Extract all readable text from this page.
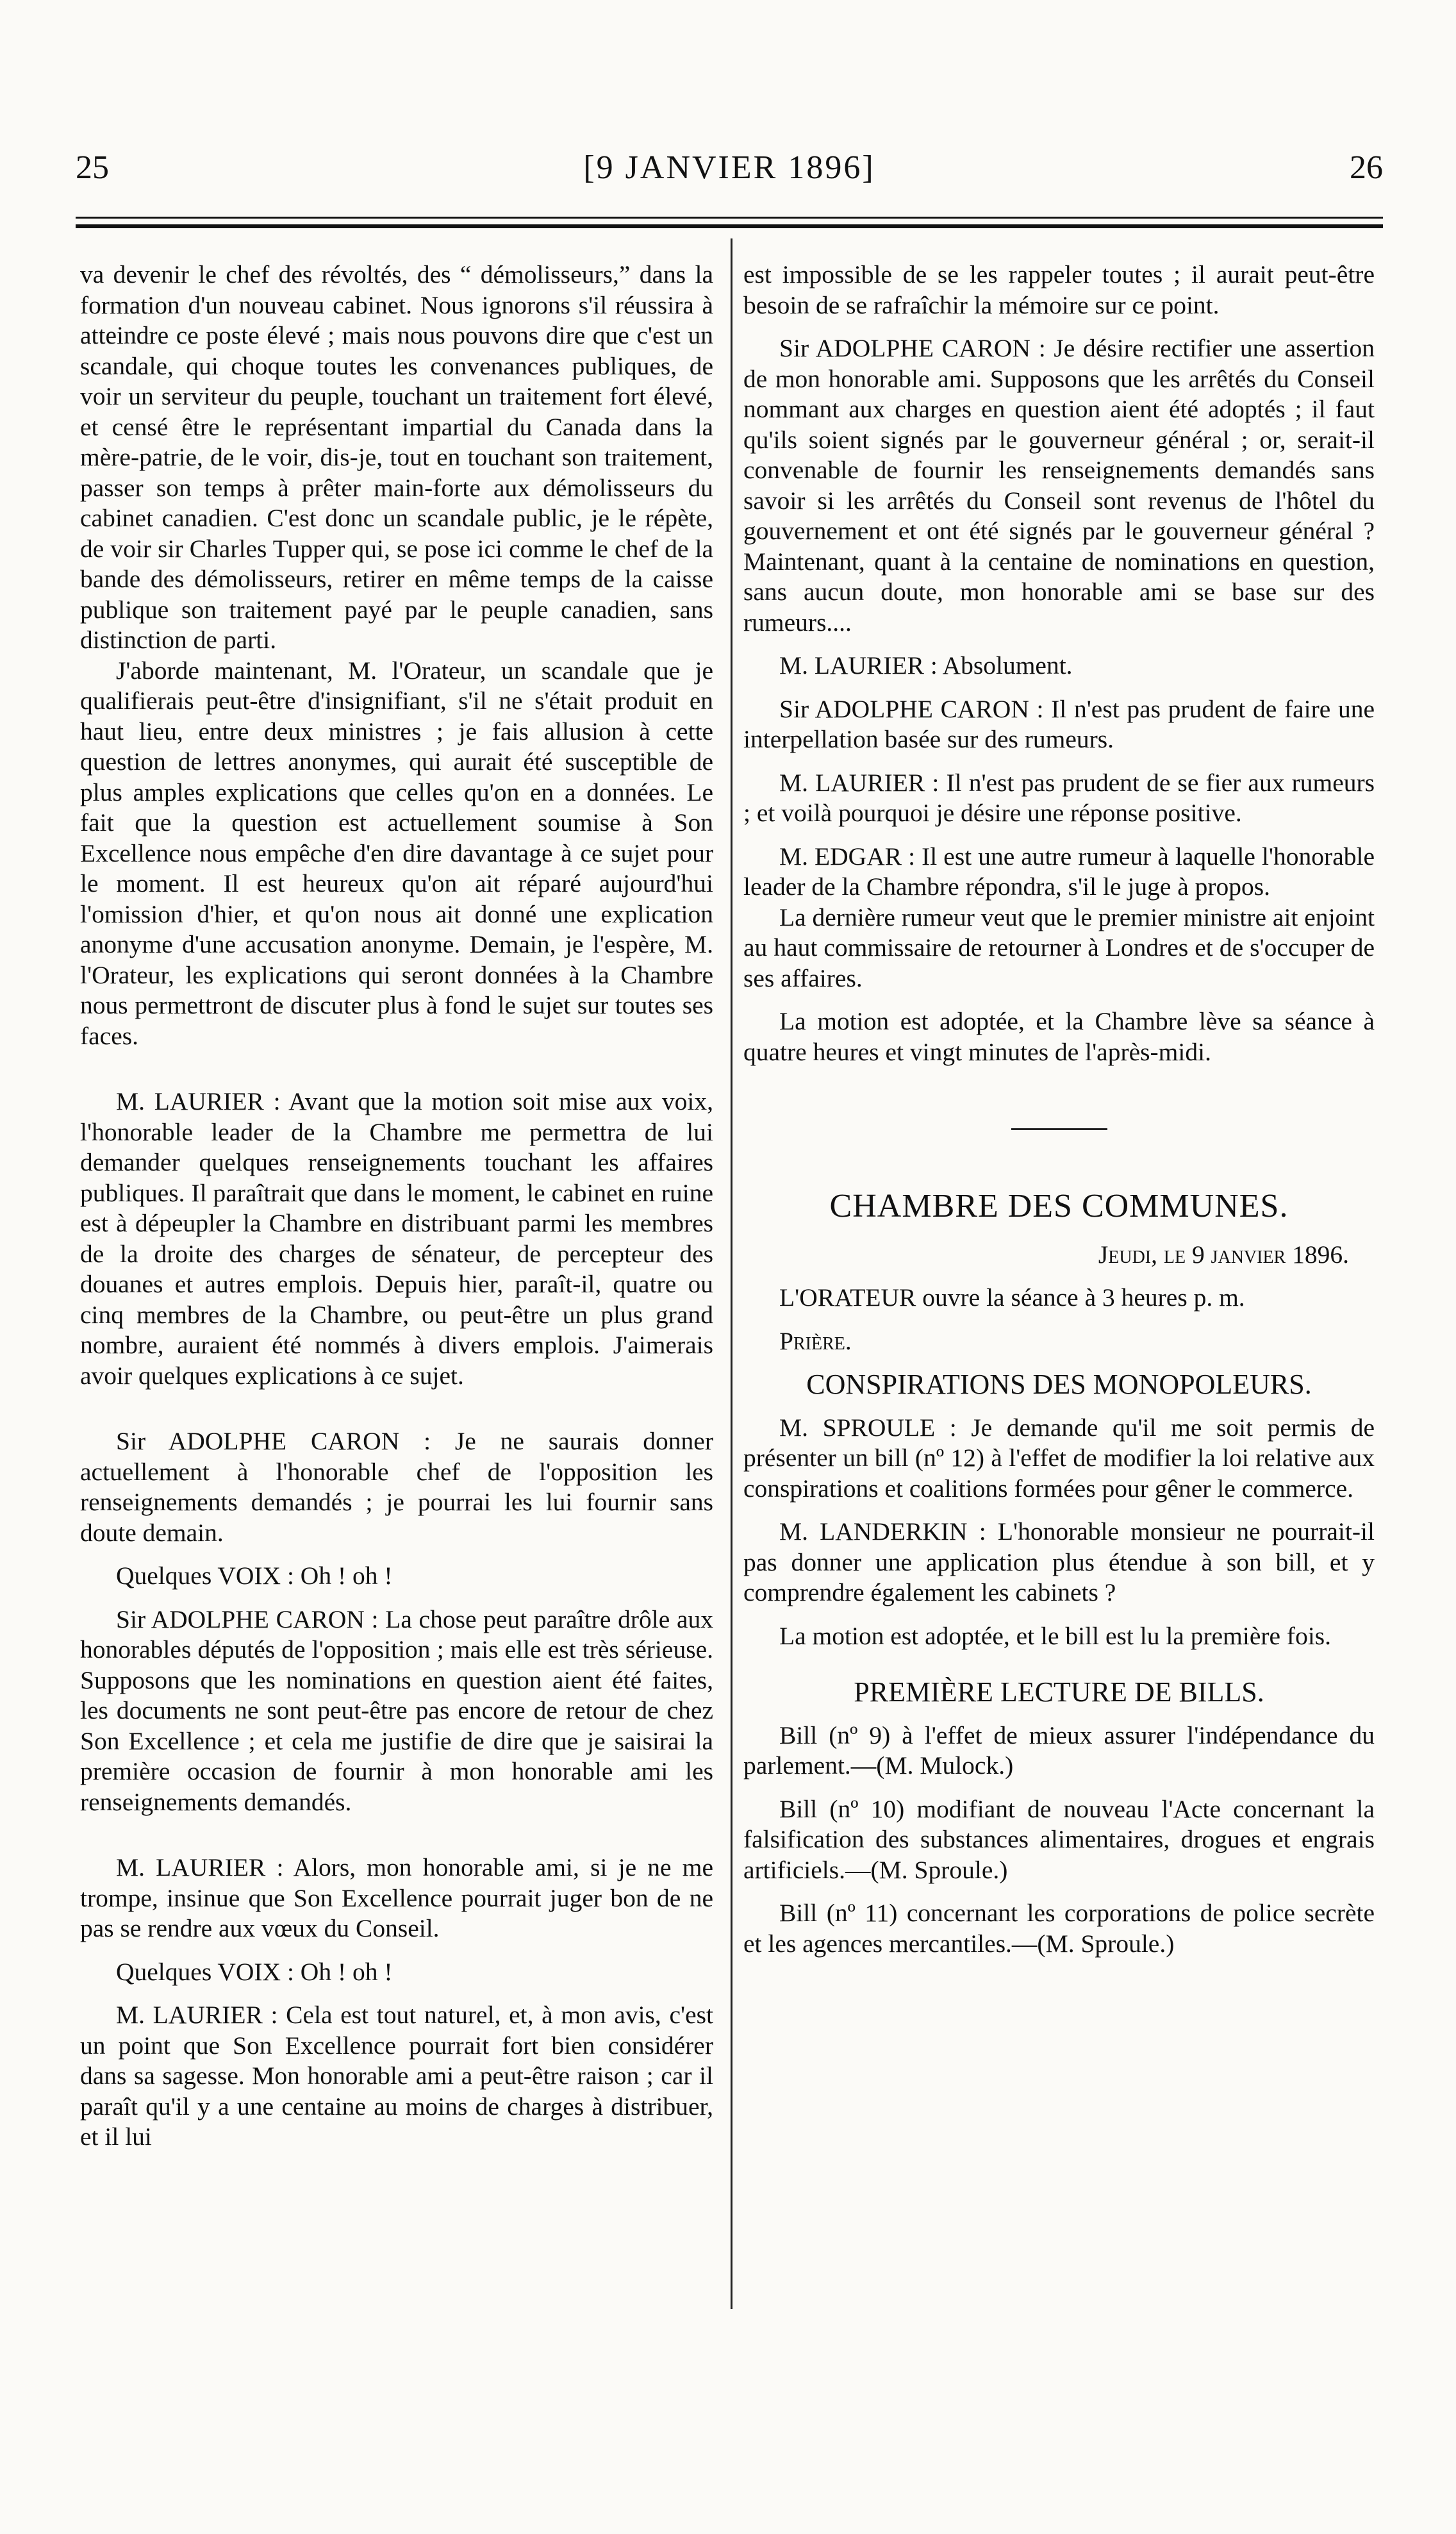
25	[9 JANVIER 1896]	26

va devenir le chef des révoltés, des “ démolisseurs,” dans la formation d'un nouveau cabinet. Nous ignorons s'il réussira à atteindre ce poste élevé ; mais nous pouvons dire que c'est un scandale, qui choque toutes les convenances publiques, de voir un serviteur du peuple, touchant un traitement fort élevé, et censé être le représentant impartial du Canada dans la mère-patrie, de le voir, dis-je, tout en touchant son traitement, passer son temps à prêter main-forte aux démolisseurs du cabinet canadien. C'est donc un scandale public, je le répète, de voir sir Charles Tupper qui, se pose ici comme le chef de la bande des démolisseurs, retirer en même temps de la caisse publique son traitement payé par le peuple canadien, sans distinction de parti.

J'aborde maintenant, M. l'Orateur, un scandale que je qualifierais peut-être d'insignifiant, s'il ne s'était produit en haut lieu, entre deux ministres ; je fais allusion à cette question de lettres anonymes, qui aurait été susceptible de plus amples explications que celles qu'on en a données. Le fait que la question est actuellement soumise à Son Excellence nous empêche d'en dire davantage à ce sujet pour le moment. Il est heureux qu'on ait réparé aujourd'hui l'omission d'hier, et qu'on nous ait donné une explication anonyme d'une accusation anonyme. Demain, je l'espère, M. l'Orateur, les explications qui seront données à la Chambre nous permettront de discuter plus à fond le sujet sur toutes ses faces.

M. LAURIER : Avant que la motion soit mise aux voix, l'honorable leader de la Chambre me permettra de lui demander quelques renseignements touchant les affaires publiques. Il paraîtrait que dans le moment, le cabinet en ruine est à dépeupler la Chambre en distribuant parmi les membres de la droite des charges de sénateur, de percepteur des douanes et autres emplois. Depuis hier, paraît-il, quatre ou cinq membres de la Chambre, ou peut-être un plus grand nombre, auraient été nommés à divers emplois. J'aimerais avoir quelques explications à ce sujet.

Sir ADOLPHE CARON : Je ne saurais donner actuellement à l'honorable chef de l'opposition les renseignements demandés ; je pourrai les lui fournir sans doute demain.

Quelques VOIX : Oh ! oh !

Sir ADOLPHE CARON : La chose peut paraître drôle aux honorables députés de l'opposition ; mais elle est très sérieuse. Supposons que les nominations en question aient été faites, les documents ne sont peut-être pas encore de retour de chez Son Excellence ; et cela me justifie de dire que je saisirai la première occasion de fournir à mon honorable ami les renseignements demandés.

M. LAURIER : Alors, mon honorable ami, si je ne me trompe, insinue que Son Excellence pourrait juger bon de ne pas se rendre aux vœux du Conseil.

Quelques VOIX : Oh ! oh !

M. LAURIER : Cela est tout naturel, et, à mon avis, c'est un point que Son Excellence pourrait fort bien considérer dans sa sagesse. Mon honorable ami a peut-être raison ; car il paraît qu'il y a une centaine au moins de charges à distribuer, et il lui

est impossible de se les rappeler toutes ; il aurait peut-être besoin de se rafraîchir la mémoire sur ce point.

Sir ADOLPHE CARON : Je désire rectifier une assertion de mon honorable ami. Supposons que les arrêtés du Conseil nommant aux charges en question aient été adoptés ; il faut qu'ils soient signés par le gouverneur général ; or, serait-il convenable de fournir les renseignements demandés sans savoir si les arrêtés du Conseil sont revenus de l'hôtel du gouvernement et ont été signés par le gouverneur général ? Maintenant, quant à la centaine de nominations en question, sans aucun doute, mon honorable ami se base sur des rumeurs....

M. LAURIER : Absolument.

Sir ADOLPHE CARON : Il n'est pas prudent de faire une interpellation basée sur des rumeurs.

M. LAURIER : Il n'est pas prudent de se fier aux rumeurs ; et voilà pourquoi je désire une réponse positive.

M. EDGAR : Il est une autre rumeur à laquelle l'honorable leader de la Chambre répondra, s'il le juge à propos.

La dernière rumeur veut que le premier ministre ait enjoint au haut commissaire de retourner à Londres et de s'occuper de ses affaires.

La motion est adoptée, et la Chambre lève sa séance à quatre heures et vingt minutes de l'après-midi.

CHAMBRE DES COMMUNES.

Jeudi, le 9 janvier 1896.

L'ORATEUR ouvre la séance à 3 heures p. m.

Prière.

CONSPIRATIONS DES MONOPOLEURS.

M. SPROULE : Je demande qu'il me soit permis de présenter un bill (nº 12) à l'effet de modifier la loi relative aux conspirations et coalitions formées pour gêner le commerce.

M. LANDERKIN : L'honorable monsieur ne pourrait-il pas donner une application plus étendue à son bill, et y comprendre également les cabinets ?

La motion est adoptée, et le bill est lu la première fois.

PREMIÈRE LECTURE DE BILLS.

Bill (nº 9) à l'effet de mieux assurer l'indépendance du parlement.—(M. Mulock.)

Bill (nº 10) modifiant de nouveau l'Acte concernant la falsification des substances alimentaires, drogues et engrais artificiels.—(M. Sproule.)

Bill (nº 11) concernant les corporations de police secrète et les agences mercantiles.—(M. Sproule.)
